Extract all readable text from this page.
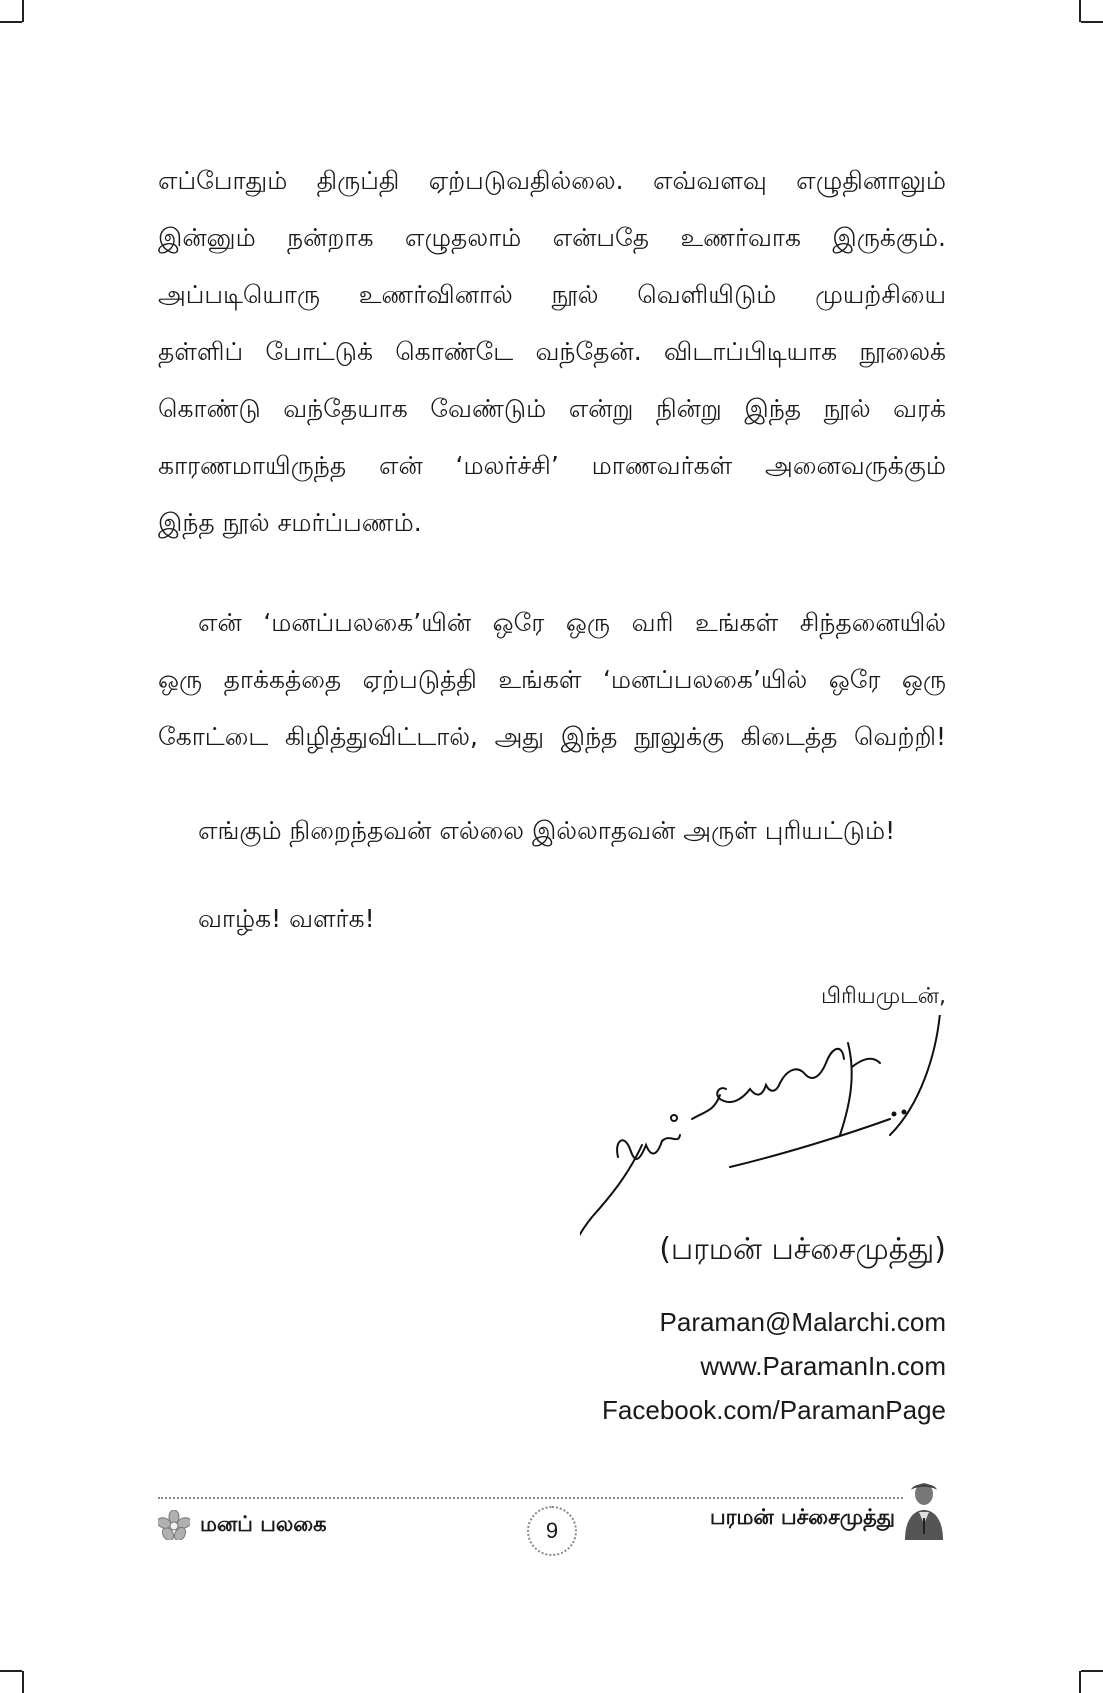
எப்போதும் திருப்தி ஏற்படுவதில்லை. எவ்வளவு எழுதினாலும்
இன்னும் நன்றாக எழுதலாம் என்பதே உணர்வாக இருக்கும்.
அப்படியொரு உணர்வினால் நூல் வெளியிடும் முயற்சியை
தள்ளிப் போட்டுக் கொண்டே வந்தேன். விடாப்பிடியாக நூலைக்
கொண்டு வந்தேயாக வேண்டும் என்று நின்று இந்த நூல் வரக்
காரணமாயிருந்த என் ‘மலர்ச்சி’ மாணவர்கள் அனைவருக்கும்
இந்த நூல் சமர்ப்பணம்.

என் ‘மனப்பலகை’யின் ஒரே ஒரு வரி உங்கள் சிந்தனையில்
ஒரு தாக்கத்தை ஏற்படுத்தி உங்கள் ‘மனப்பலகை’யில் ஒரே ஒரு
கோட்டை கிழித்துவிட்டால், அது இந்த நூலுக்கு கிடைத்த வெற்றி!

எங்கும் நிறைந்தவன் எல்லை இல்லாதவன் அருள் புரியட்டும்!

வாழ்க! வளர்க!

பிரியமுடன்,

(பரமன் பச்சைமுத்து)

Paraman@Malarchi.com
www.ParamanIn.com
Facebook.com/ParamanPage
மனப் பலகை	9
பரமன் பச்சைமுத்து
